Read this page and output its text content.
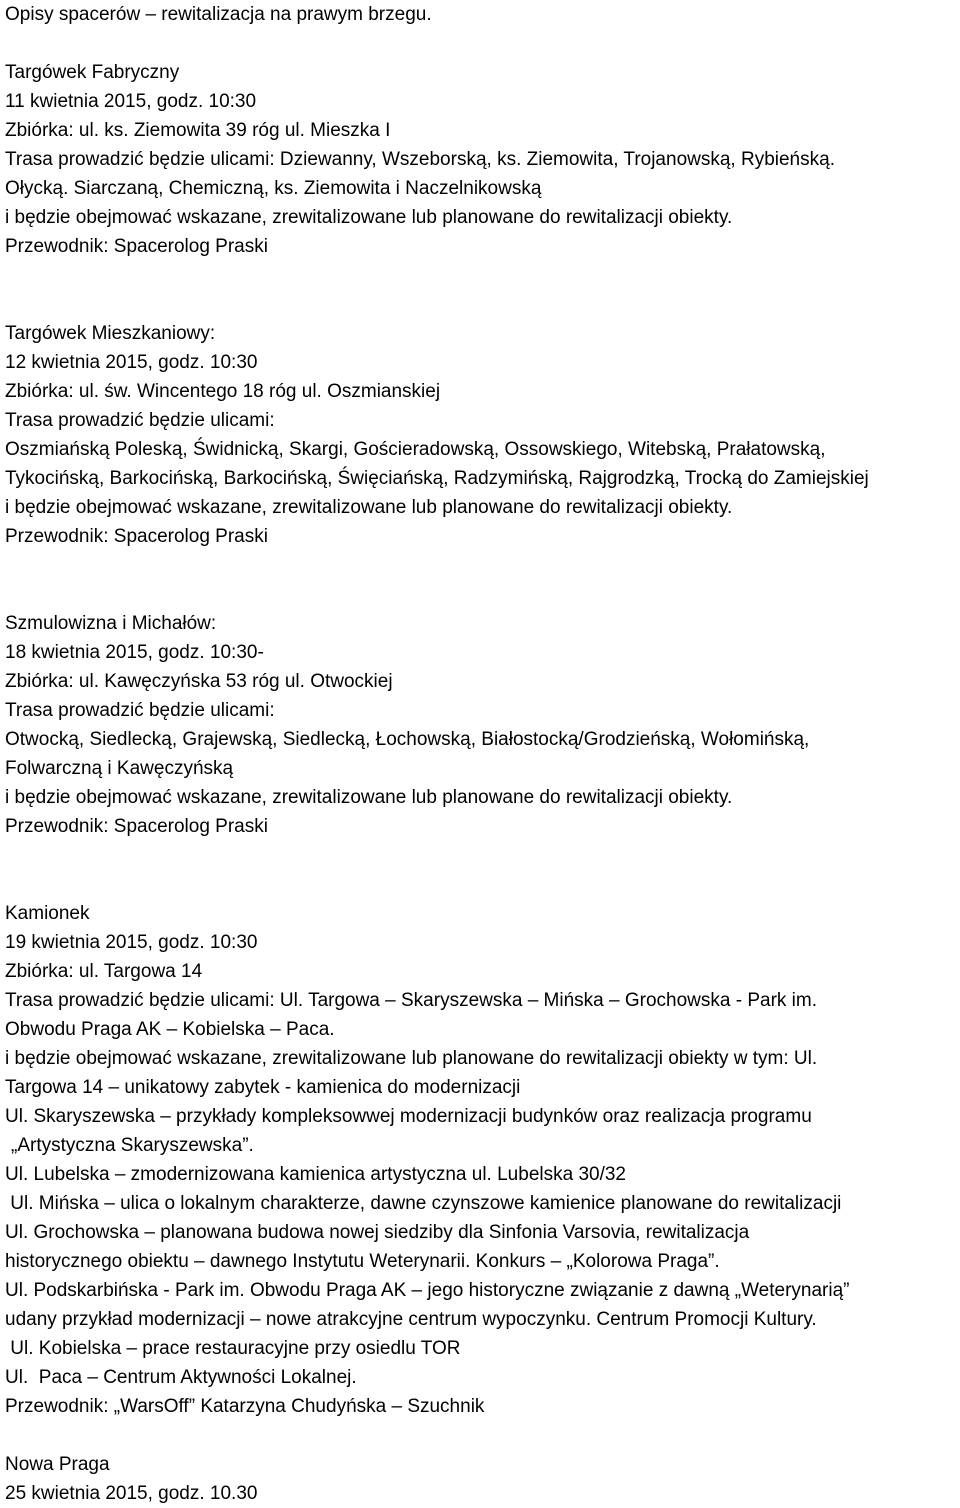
Opisy spacerów – rewitalizacja na prawym brzegu.
Targówek Fabryczny
11 kwietnia 2015, godz. 10:30
Zbiórka: ul. ks. Ziemowita 39 róg ul. Mieszka I
Trasa prowadzić będzie ulicami: Dziewanny, Wszeborską, ks. Ziemowita, Trojanowską, Rybieńską.
Ołycką. Siarczaną, Chemiczną, ks. Ziemowita i Naczelnikowską
i będzie obejmować wskazane, zrewitalizowane lub planowane do rewitalizacji obiekty.
Przewodnik: Spacerolog Praski
Targówek Mieszkaniowy:
12 kwietnia 2015, godz. 10:30
Zbiórka: ul. św. Wincentego 18 róg ul. Oszmianskiej
Trasa prowadzić będzie ulicami:
Oszmiańską Poleską, Świdnicką, Skargi, Gościeradowską, Ossowskiego, Witebską, Prałatowską,
Tykocińską, Barkocińską, Barkocińską, Święciańską, Radzymińską, Rajgrodzką, Trocką do Zamiejskiej
i będzie obejmować wskazane, zrewitalizowane lub planowane do rewitalizacji obiekty.
Przewodnik: Spacerolog Praski
Szmulowizna i Michałów:
18 kwietnia 2015, godz. 10:30-
Zbiórka: ul. Kawęczyńska 53 róg ul. Otwockiej
Trasa prowadzić będzie ulicami:
Otwocką, Siedlecką, Grajewską, Siedlecką, Łochowską, Białostocką/Grodzieńską, Wołomińską,
Folwarczną i Kawęczyńską
i będzie obejmować wskazane, zrewitalizowane lub planowane do rewitalizacji obiekty.
Przewodnik: Spacerolog Praski
Kamionek
19 kwietnia 2015, godz. 10:30
Zbiórka: ul. Targowa 14
Trasa prowadzić będzie ulicami: Ul. Targowa – Skaryszewska – Mińska – Grochowska - Park im.
Obwodu Praga AK – Kobielska – Paca.
i będzie obejmować wskazane, zrewitalizowane lub planowane do rewitalizacji obiekty w tym: Ul.
Targowa 14 – unikatowy zabytek - kamienica do modernizacji
Ul. Skaryszewska – przykłady kompleksowwej modernizacji budynków oraz realizacja programu
„Artystyczna Skaryszewska”.
Ul. Lubelska – zmodernizowana kamienica artystyczna ul. Lubelska 30/32
Ul. Mińska – ulica o lokalnym charakterze, dawne czynszowe kamienice planowane do rewitalizacji
Ul. Grochowska – planowana budowa nowej siedziby dla Sinfonia Varsovia, rewitalizacja
historycznego obiektu – dawnego Instytutu Weterynarii. Konkurs – „Kolorowa Praga”.
Ul. Podskarbińska - Park im. Obwodu Praga AK – jego historyczne związanie z dawną „Weterynarią”
udany przykład modernizacji – nowe atrakcyjne centrum wypoczynku. Centrum Promocji Kultury.
Ul. Kobielska – prace restauracyjne przy osiedlu TOR
Ul.  Paca – Centrum Aktywności Lokalnej.
Przewodnik: „WarsOff” Katarzyna Chudyńska – Szuchnik
Nowa Praga
25 kwietnia 2015, godz. 10.30
